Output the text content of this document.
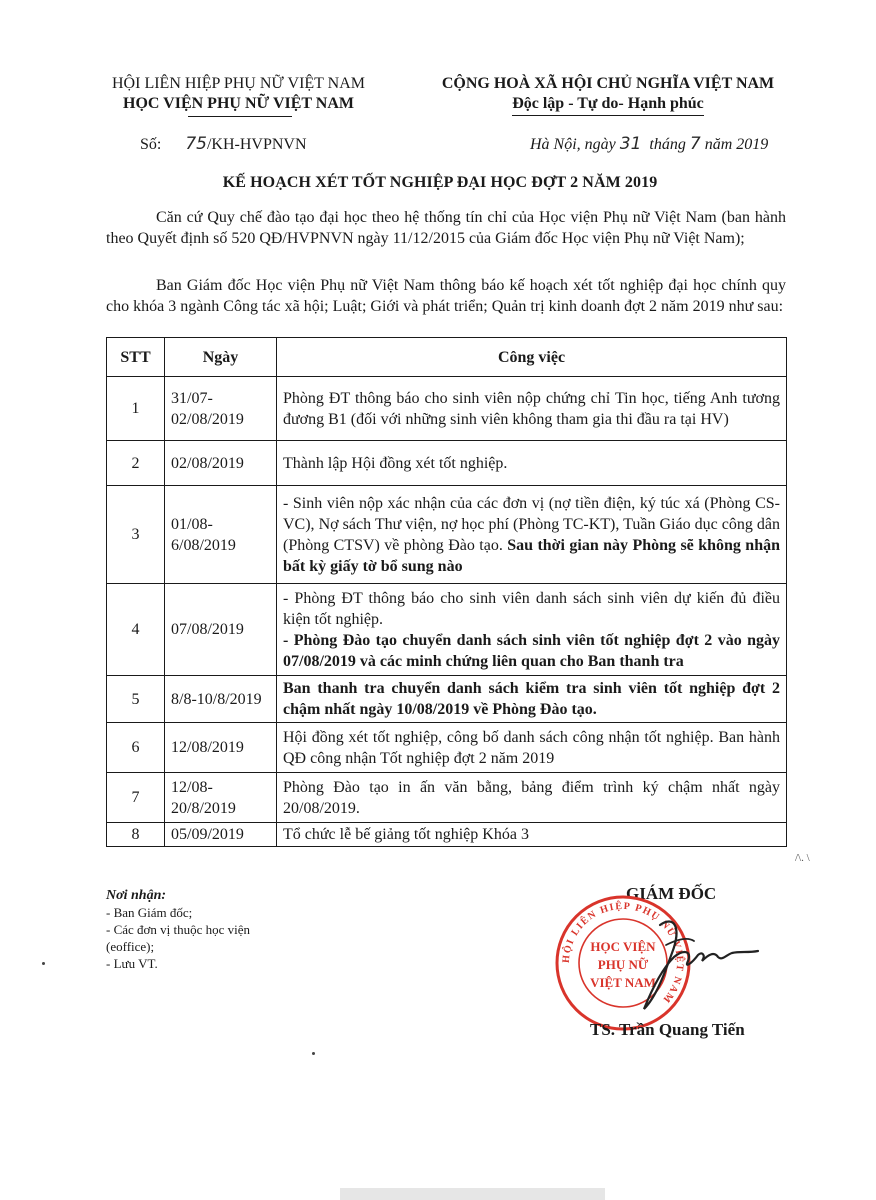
HỘI LIÊN HIỆP PHỤ NỮ VIỆT NAM
HỌC VIỆN PHỤ NỮ VIỆT NAM
CỘNG HOÀ XÃ HỘI CHỦ NGHĨA VIỆT NAM
Độc lập - Tự do- Hạnh phúc
Số: 75/KH-HVPNVN	Hà Nội, ngày 31 tháng 7 năm 2019
KẾ HOẠCH XÉT TỐT NGHIỆP ĐẠI HỌC ĐỢT 2 NĂM 2019
Căn cứ Quy chế đào tạo đại học theo hệ thống tín chỉ của Học viện Phụ nữ Việt Nam (ban hành theo Quyết định số 520 QĐ/HVPNVN ngày 11/12/2015 của Giám đốc Học viện Phụ nữ Việt Nam);
Ban Giám đốc Học viện Phụ nữ Việt Nam thông báo kế hoạch xét tốt nghiệp đại học chính quy cho khóa 3 ngành Công tác xã hội; Luật; Giới và phát triển; Quản trị kinh doanh đợt 2 năm 2019 như sau:
STT	Ngày	Công việc
1	31/07-02/08/2019	Phòng ĐT thông báo cho sinh viên nộp chứng chỉ Tin học, tiếng Anh tương đương B1 (đối với những sinh viên không tham gia thi đầu ra tại HV)
2	02/08/2019	Thành lập Hội đồng xét tốt nghiệp.
3	01/08-6/08/2019	- Sinh viên nộp xác nhận của các đơn vị (nợ tiền điện, ký túc xá (Phòng CS-VC), Nợ sách Thư viện, nợ học phí (Phòng TC-KT), Tuần Giáo dục công dân (Phòng CTSV) về phòng Đào tạo. Sau thời gian này Phòng sẽ không nhận bất kỳ giấy tờ bổ sung nào
4	07/08/2019	- Phòng ĐT thông báo cho sinh viên danh sách sinh viên dự kiến đủ điều kiện tốt nghiệp.
- Phòng Đào tạo chuyển danh sách sinh viên tốt nghiệp đợt 2 vào ngày 07/08/2019 và các minh chứng liên quan cho Ban thanh tra

5	8/8-10/8/2019	Ban thanh tra chuyển danh sách kiểm tra sinh viên tốt nghiệp đợt 2 chậm nhất ngày 10/08/2019 về Phòng Đào tạo.
6	12/08/2019	Hội đồng xét tốt nghiệp, công bố danh sách công nhận tốt nghiệp. Ban hành QĐ công nhận Tốt nghiệp đợt 2 năm 2019
7	12/08-20/8/2019	Phòng Đào tạo in ấn văn bằng, bảng điểm trình ký chậm nhất ngày 20/08/2019.
8	05/09/2019	Tổ chức lễ bế giảng tốt nghiệp Khóa 3
Nơi nhận:
- Ban Giám đốc;
- Các đơn vị thuộc học viện (eoffice);
- Lưu VT.
GIÁM ĐỐC
HỘI LIÊN HIỆP PHỤ NỮ VIỆT NAM
HỌC VIỆN
PHỤ NỮ
VIỆT NAM
TS. Trần Quang Tiến
/\. \
